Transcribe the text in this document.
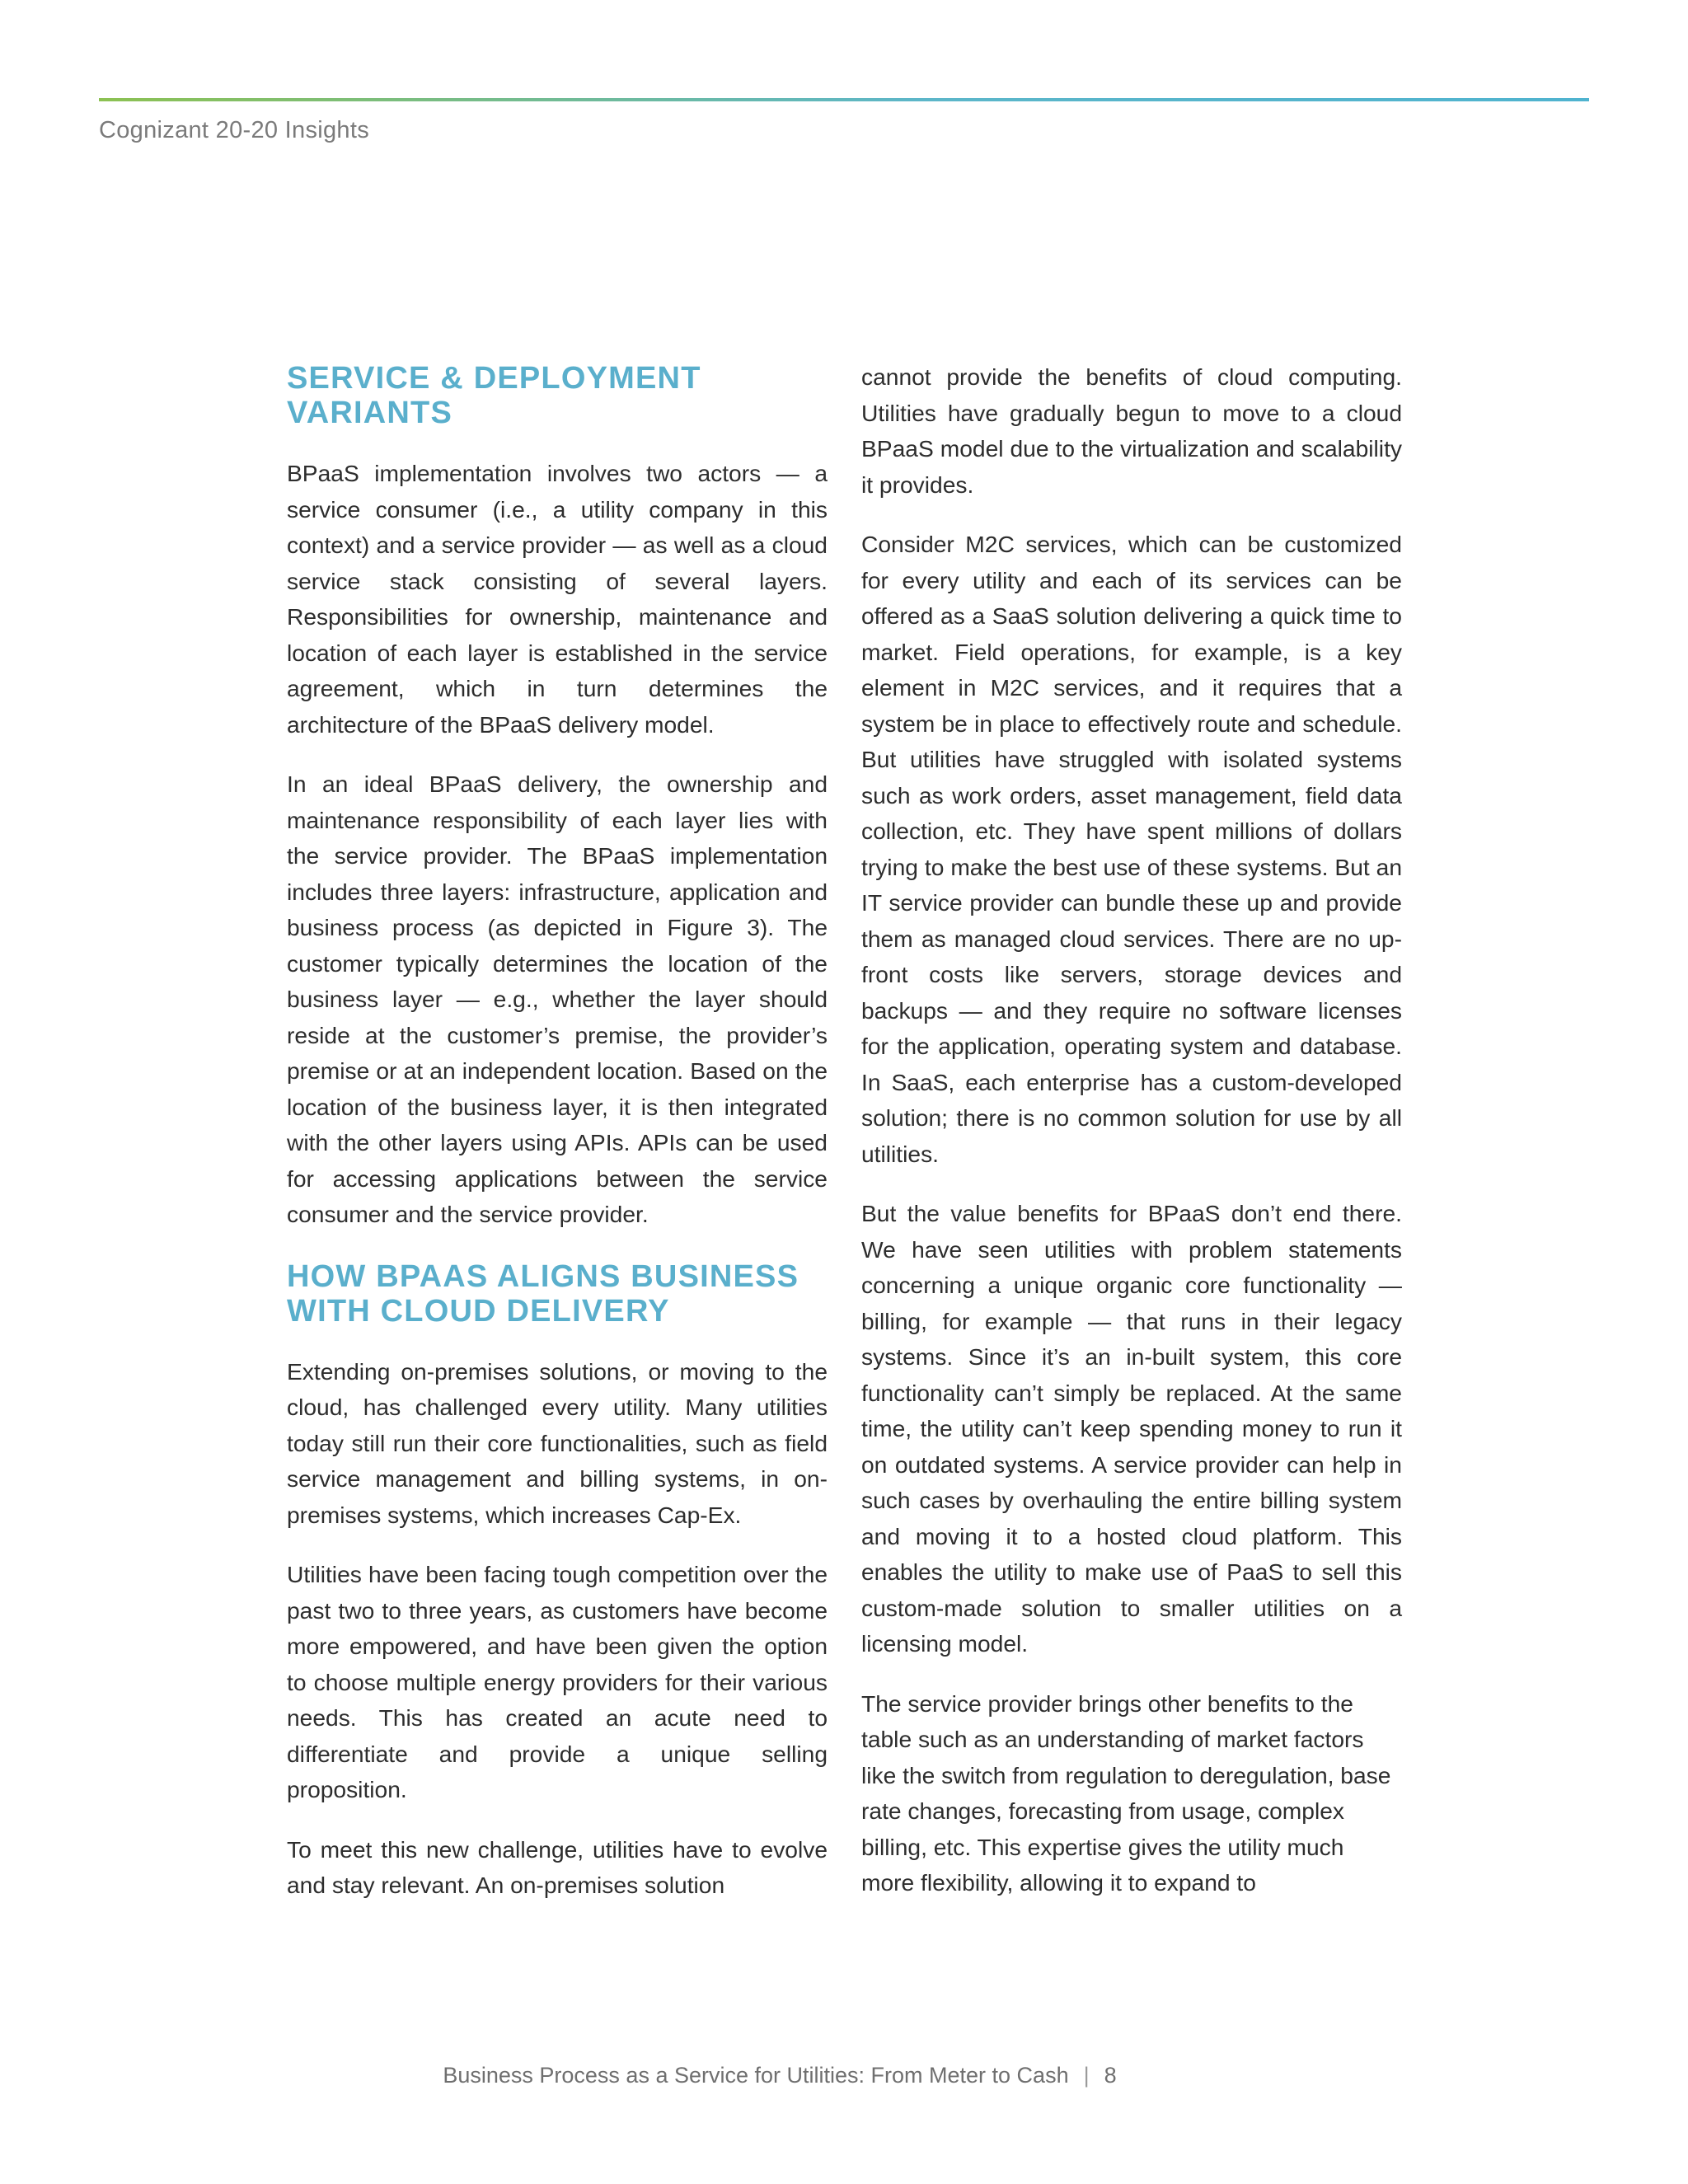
Cognizant 20-20 Insights
SERVICE & DEPLOYMENT VARIANTS

BPaaS implementation involves two actors — a service consumer (i.e., a utility company in this context) and a service provider — as well as a cloud service stack consisting of several layers. Responsibilities for ownership, maintenance and location of each layer is established in the service agreement, which in turn determines the architecture of the BPaaS delivery model.

In an ideal BPaaS delivery, the ownership and maintenance responsibility of each layer lies with the service provider. The BPaaS implementation includes three layers: infrastructure, application and business process (as depicted in Figure 3). The customer typically determines the location of the business layer — e.g., whether the layer should reside at the customer’s premise, the provider’s premise or at an independent location. Based on the location of the business layer, it is then integrated with the other layers using APIs. APIs can be used for accessing applications between the service consumer and the service provider.

HOW BPAAS ALIGNS BUSINESS WITH CLOUD DELIVERY

Extending on-premises solutions, or moving to the cloud, has challenged every utility. Many utilities today still run their core functionalities, such as field service management and billing systems, in on-premises systems, which increases Cap-Ex.

Utilities have been facing tough competition over the past two to three years, as customers have become more empowered, and have been given the option to choose multiple energy providers for their various needs. This has created an acute need to differentiate and provide a unique selling proposition.

To meet this new challenge, utilities have to evolve and stay relevant. An on-premises solution

cannot provide the benefits of cloud computing. Utilities have gradually begun to move to a cloud BPaaS model due to the virtualization and scalability it provides.

Consider M2C services, which can be customized for every utility and each of its services can be offered as a SaaS solution delivering a quick time to market. Field operations, for example, is a key element in M2C services, and it requires that a system be in place to effectively route and schedule. But utilities have struggled with isolated systems such as work orders, asset management, field data collection, etc. They have spent millions of dollars trying to make the best use of these systems. But an IT service provider can bundle these up and provide them as managed cloud services. There are no up-front costs like servers, storage devices and backups — and they require no software licenses for the application, operating system and database. In SaaS, each enterprise has a custom-developed solution; there is no common solution for use by all utilities.

But the value benefits for BPaaS don’t end there. We have seen utilities with problem statements concerning a unique organic core functionality — billing, for example — that runs in their legacy systems. Since it’s an in-built system, this core functionality can’t simply be replaced. At the same time, the utility can’t keep spending money to run it on outdated systems. A service provider can help in such cases by overhauling the entire billing system and moving it to a hosted cloud platform. This enables the utility to make use of PaaS to sell this custom-made solution to smaller utilities on a licensing model.

The service provider brings other benefits to the table such as an understanding of market factors like the switch from regulation to deregulation, base rate changes, forecasting from usage, complex billing, etc. This expertise gives the utility much more flexibility, allowing it to expand to

Business Process as a Service for Utilities: From Meter to Cash | 8
